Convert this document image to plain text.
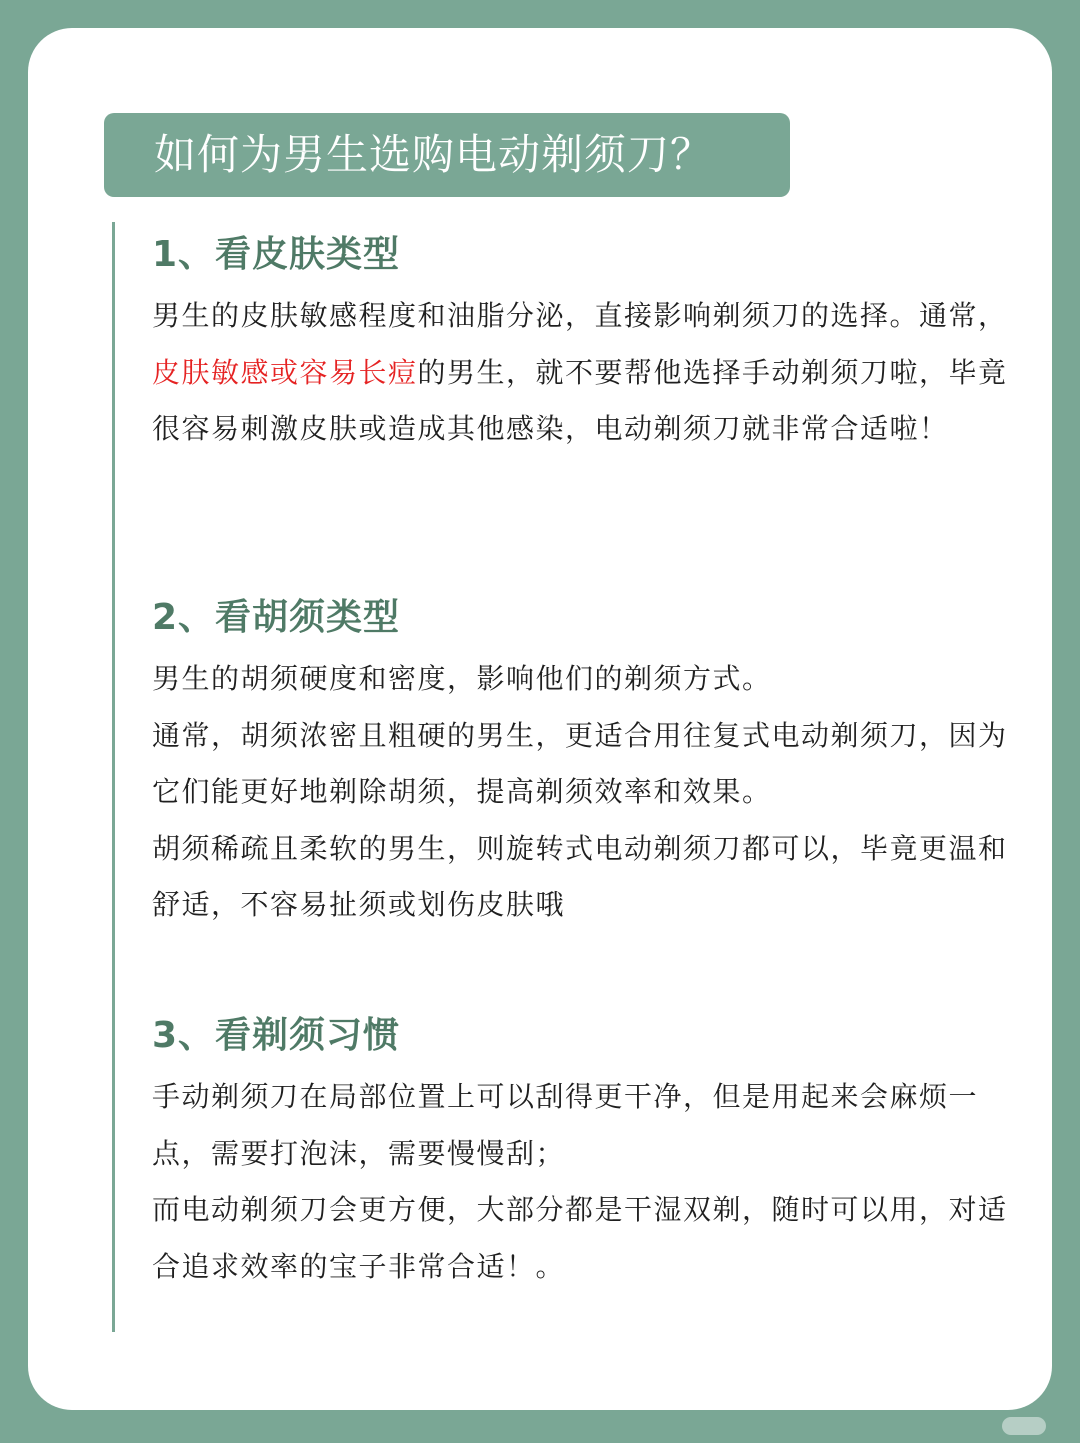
如何为男生选购电动剃须刀？
1、看皮肤类型

男生的皮肤敏感程度和油脂分泌，直接影响剃须刀的选择。通常，皮肤敏感或容易长痘的男生，就不要帮他选择手动剃须刀啦，毕竟很容易刺激皮肤或造成其他感染，电动剃须刀就非常合适啦！

2、看胡须类型

男生的胡须硬度和密度，影响他们的剃须方式。

通常，胡须浓密且粗硬的男生，更适合用往复式电动剃须刀，因为它们能更好地剃除胡须，提高剃须效率和效果。

胡须稀疏且柔软的男生，则旋转式电动剃须刀都可以，毕竟更温和舒适，不容易扯须或划伤皮肤哦

3、看剃须习惯

手动剃须刀在局部位置上可以刮得更干净，但是用起来会麻烦一点，需要打泡沫，需要慢慢刮；

而电动剃须刀会更方便，大部分都是干湿双剃，随时可以用，对适合追求效率的宝子非常合适！。
